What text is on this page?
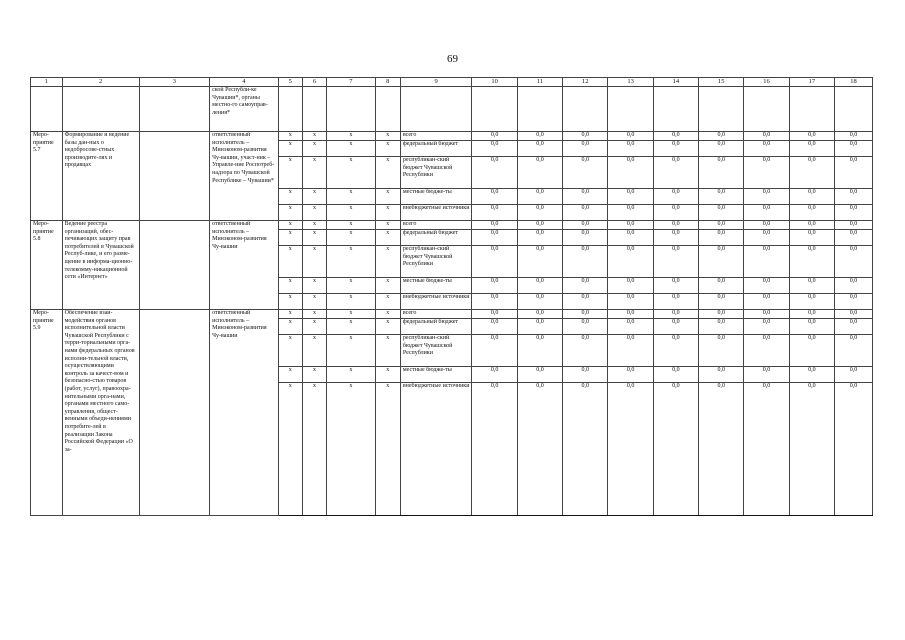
69
1	2	3	4	5	6	7	8	9	10	11	12	13	14	15	16	17	18
			ской Республи-ке Чувашии*, органы местно-го самоуправ-ления*														
Меро-приятие 5.7	Формирование и ведение базы дан-ных о недобросове-стных производите-лях и продавцах		ответственный исполнитель – Минэконом-развития Чу-вашии, участ-ник – Управле-ние Роспотреб-надзора по Чувашской Республике – Чувашии*	х	х	х	х	всего	0,0	0,0	0,0	0,0	0,0	0,0	0,0	0,0	0,0
				х	х	х	х	федеральный бюджет	0,0	0,0	0,0	0,0	0,0	0,0	0,0	0,0	0,0
				х	х	х	х	республикан-ский бюджет Чувашской Республики	0,0	0,0	0,0	0,0	0,0	0,0	0,0	0,0	0,0
				х	х	х	х	местные бюдже-ты	0,0	0,0	0,0	0,0	0,0	0,0	0,0	0,0	0,0
				х	х	х	х	внебюджетные источники	0,0	0,0	0,0	0,0	0,0	0,0	0,0	0,0	0,0
Меро-приятие 5.8	Ведение реестра организаций, обес-печивающих защиту прав потребителей в Чувашской Респуб-лике, и его разме-щение в информа-ционно-телекомму-никационной сети «Интернет»		ответственный исполнитель – Минэконом-развития Чу-вашии	х	х	х	х	всего	0,0	0,0	0,0	0,0	0,0	0,0	0,0	0,0	0,0
				х	х	х	х	федеральный бюджет	0,0	0,0	0,0	0,0	0,0	0,0	0,0	0,0	0,0
				х	х	х	х	республикан-ский бюджет Чувашской Республики	0,0	0,0	0,0	0,0	0,0	0,0	0,0	0,0	0,0
				х	х	х	х	местные бюдже-ты	0,0	0,0	0,0	0,0	0,0	0,0	0,0	0,0	0,0
				х	х	х	х	внебюджетные источники	0,0	0,0	0,0	0,0	0,0	0,0	0,0	0,0	0,0
Меро-приятие 5.9	Обеспечение взаи-модействия органов исполнительной власти Чувашской Республики с терри-ториальными орга-нами федеральных органов исполни-тельной власти, осуществляющими контроль за качест-вом и безопасно-стью товаров (работ, услуг), правоохра-нительными орга-нами, органами местного само-управления, общест-венными объеди-нениями потребите-лей в реализации Закона Российской Федерации «О за-		ответственный исполнитель – Минэконом-развития Чу-вашии	х	х	х	х	всего	0,0	0,0	0,0	0,0	0,0	0,0	0,0	0,0	0,0
				х	х	х	х	федеральный бюджет	0,0	0,0	0,0	0,0	0,0	0,0	0,0	0,0	0,0
				х	х	х	х	республикан-ский бюджет Чувашской Республики	0,0	0,0	0,0	0,0	0,0	0,0	0,0	0,0	0,0
				х	х	х	х	местные бюдже-ты	0,0	0,0	0,0	0,0	0,0	0,0	0,0	0,0	0,0
				х	х	х	х	внебюджетные источники	0,0	0,0	0,0	0,0	0,0	0,0	0,0	0,0	0,0
